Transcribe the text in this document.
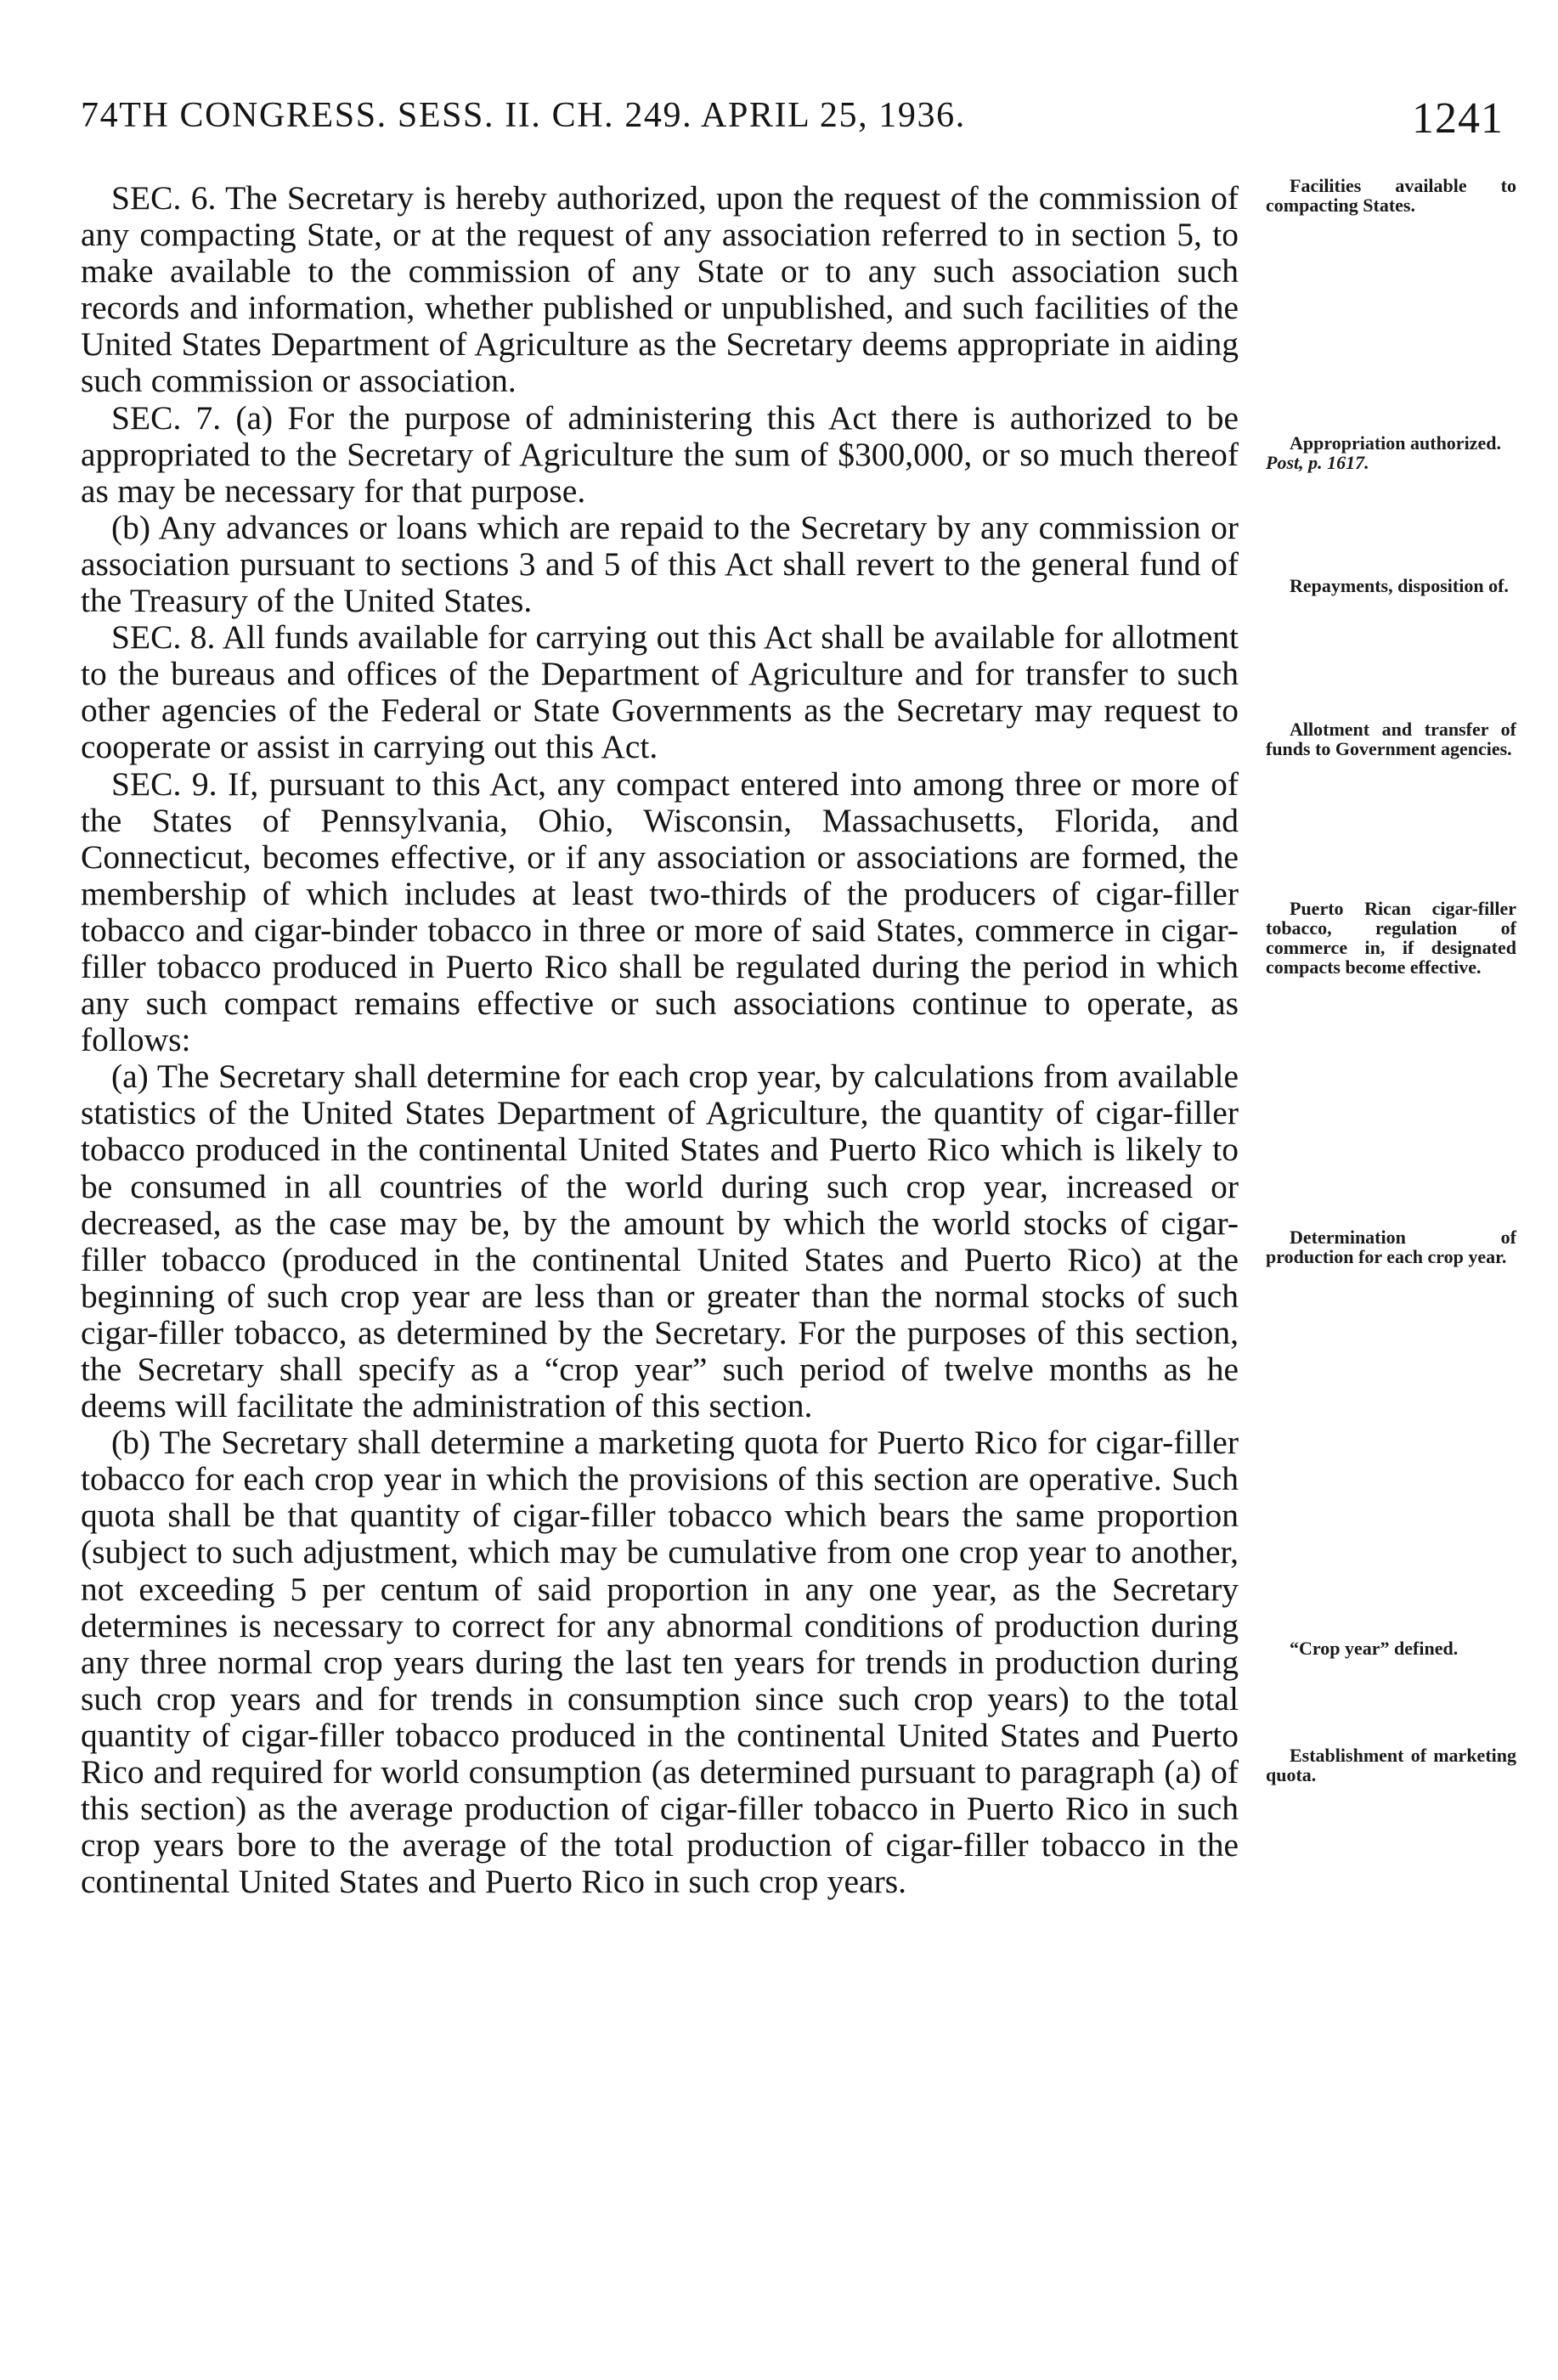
74TH CONGRESS. SESS. II. CH. 249. APRIL 25, 1936.	1241

SEC. 6. The Secretary is hereby authorized, upon the request of the commission of any compacting State, or at the request of any association referred to in section 5, to make available to the commission of any State or to any such association such records and information, whether published or unpublished, and such facilities of the United States Department of Agriculture as the Secretary deems appropriate in aiding such commission or association.

SEC. 7. (a) For the purpose of administering this Act there is authorized to be appropriated to the Secretary of Agriculture the sum of $300,000, or so much thereof as may be necessary for that purpose.

(b) Any advances or loans which are repaid to the Secretary by any commission or association pursuant to sections 3 and 5 of this Act shall revert to the general fund of the Treasury of the United States.

SEC. 8. All funds available for carrying out this Act shall be available for allotment to the bureaus and offices of the Department of Agriculture and for transfer to such other agencies of the Federal or State Governments as the Secretary may request to cooperate or assist in carrying out this Act.

SEC. 9. If, pursuant to this Act, any compact entered into among three or more of the States of Pennsylvania, Ohio, Wisconsin, Massachusetts, Florida, and Connecticut, becomes effective, or if any association or associations are formed, the membership of which includes at least two-thirds of the producers of cigar-filler tobacco and cigar-binder tobacco in three or more of said States, commerce in cigar-filler tobacco produced in Puerto Rico shall be regulated during the period in which any such compact remains effective or such associations continue to operate, as follows:

(a) The Secretary shall determine for each crop year, by calculations from available statistics of the United States Department of Agriculture, the quantity of cigar-filler tobacco produced in the continental United States and Puerto Rico which is likely to be consumed in all countries of the world during such crop year, increased or decreased, as the case may be, by the amount by which the world stocks of cigar-filler tobacco (produced in the continental United States and Puerto Rico) at the beginning of such crop year are less than or greater than the normal stocks of such cigar-filler tobacco, as determined by the Secretary. For the purposes of this section, the Secretary shall specify as a “crop year” such period of twelve months as he deems will facilitate the administration of this section.

(b) The Secretary shall determine a marketing quota for Puerto Rico for cigar-filler tobacco for each crop year in which the provisions of this section are operative. Such quota shall be that quantity of cigar-filler tobacco which bears the same proportion (subject to such adjustment, which may be cumulative from one crop year to another, not exceeding 5 per centum of said proportion in any one year, as the Secretary determines is necessary to correct for any abnormal conditions of production during any three normal crop years during the last ten years for trends in production during such crop years and for trends in consumption since such crop years) to the total quantity of cigar-filler tobacco produced in the continental United States and Puerto Rico and required for world consumption (as determined pursuant to paragraph (a) of this section) as the average production of cigar-filler tobacco in Puerto Rico in such crop years bore to the average of the total production of cigar-filler tobacco in the continental United States and Puerto Rico in such crop years.

Facilities available to compacting States.
Appropriation authorized.
Post, p. 1617.
Repayments, disposition of.
Allotment and transfer of funds to Government agencies.
Puerto Rican cigar-filler tobacco, regulation of commerce in, if designated compacts become effective.
Determination of production for each crop year.
“Crop year” defined.
Establishment of marketing quota.
